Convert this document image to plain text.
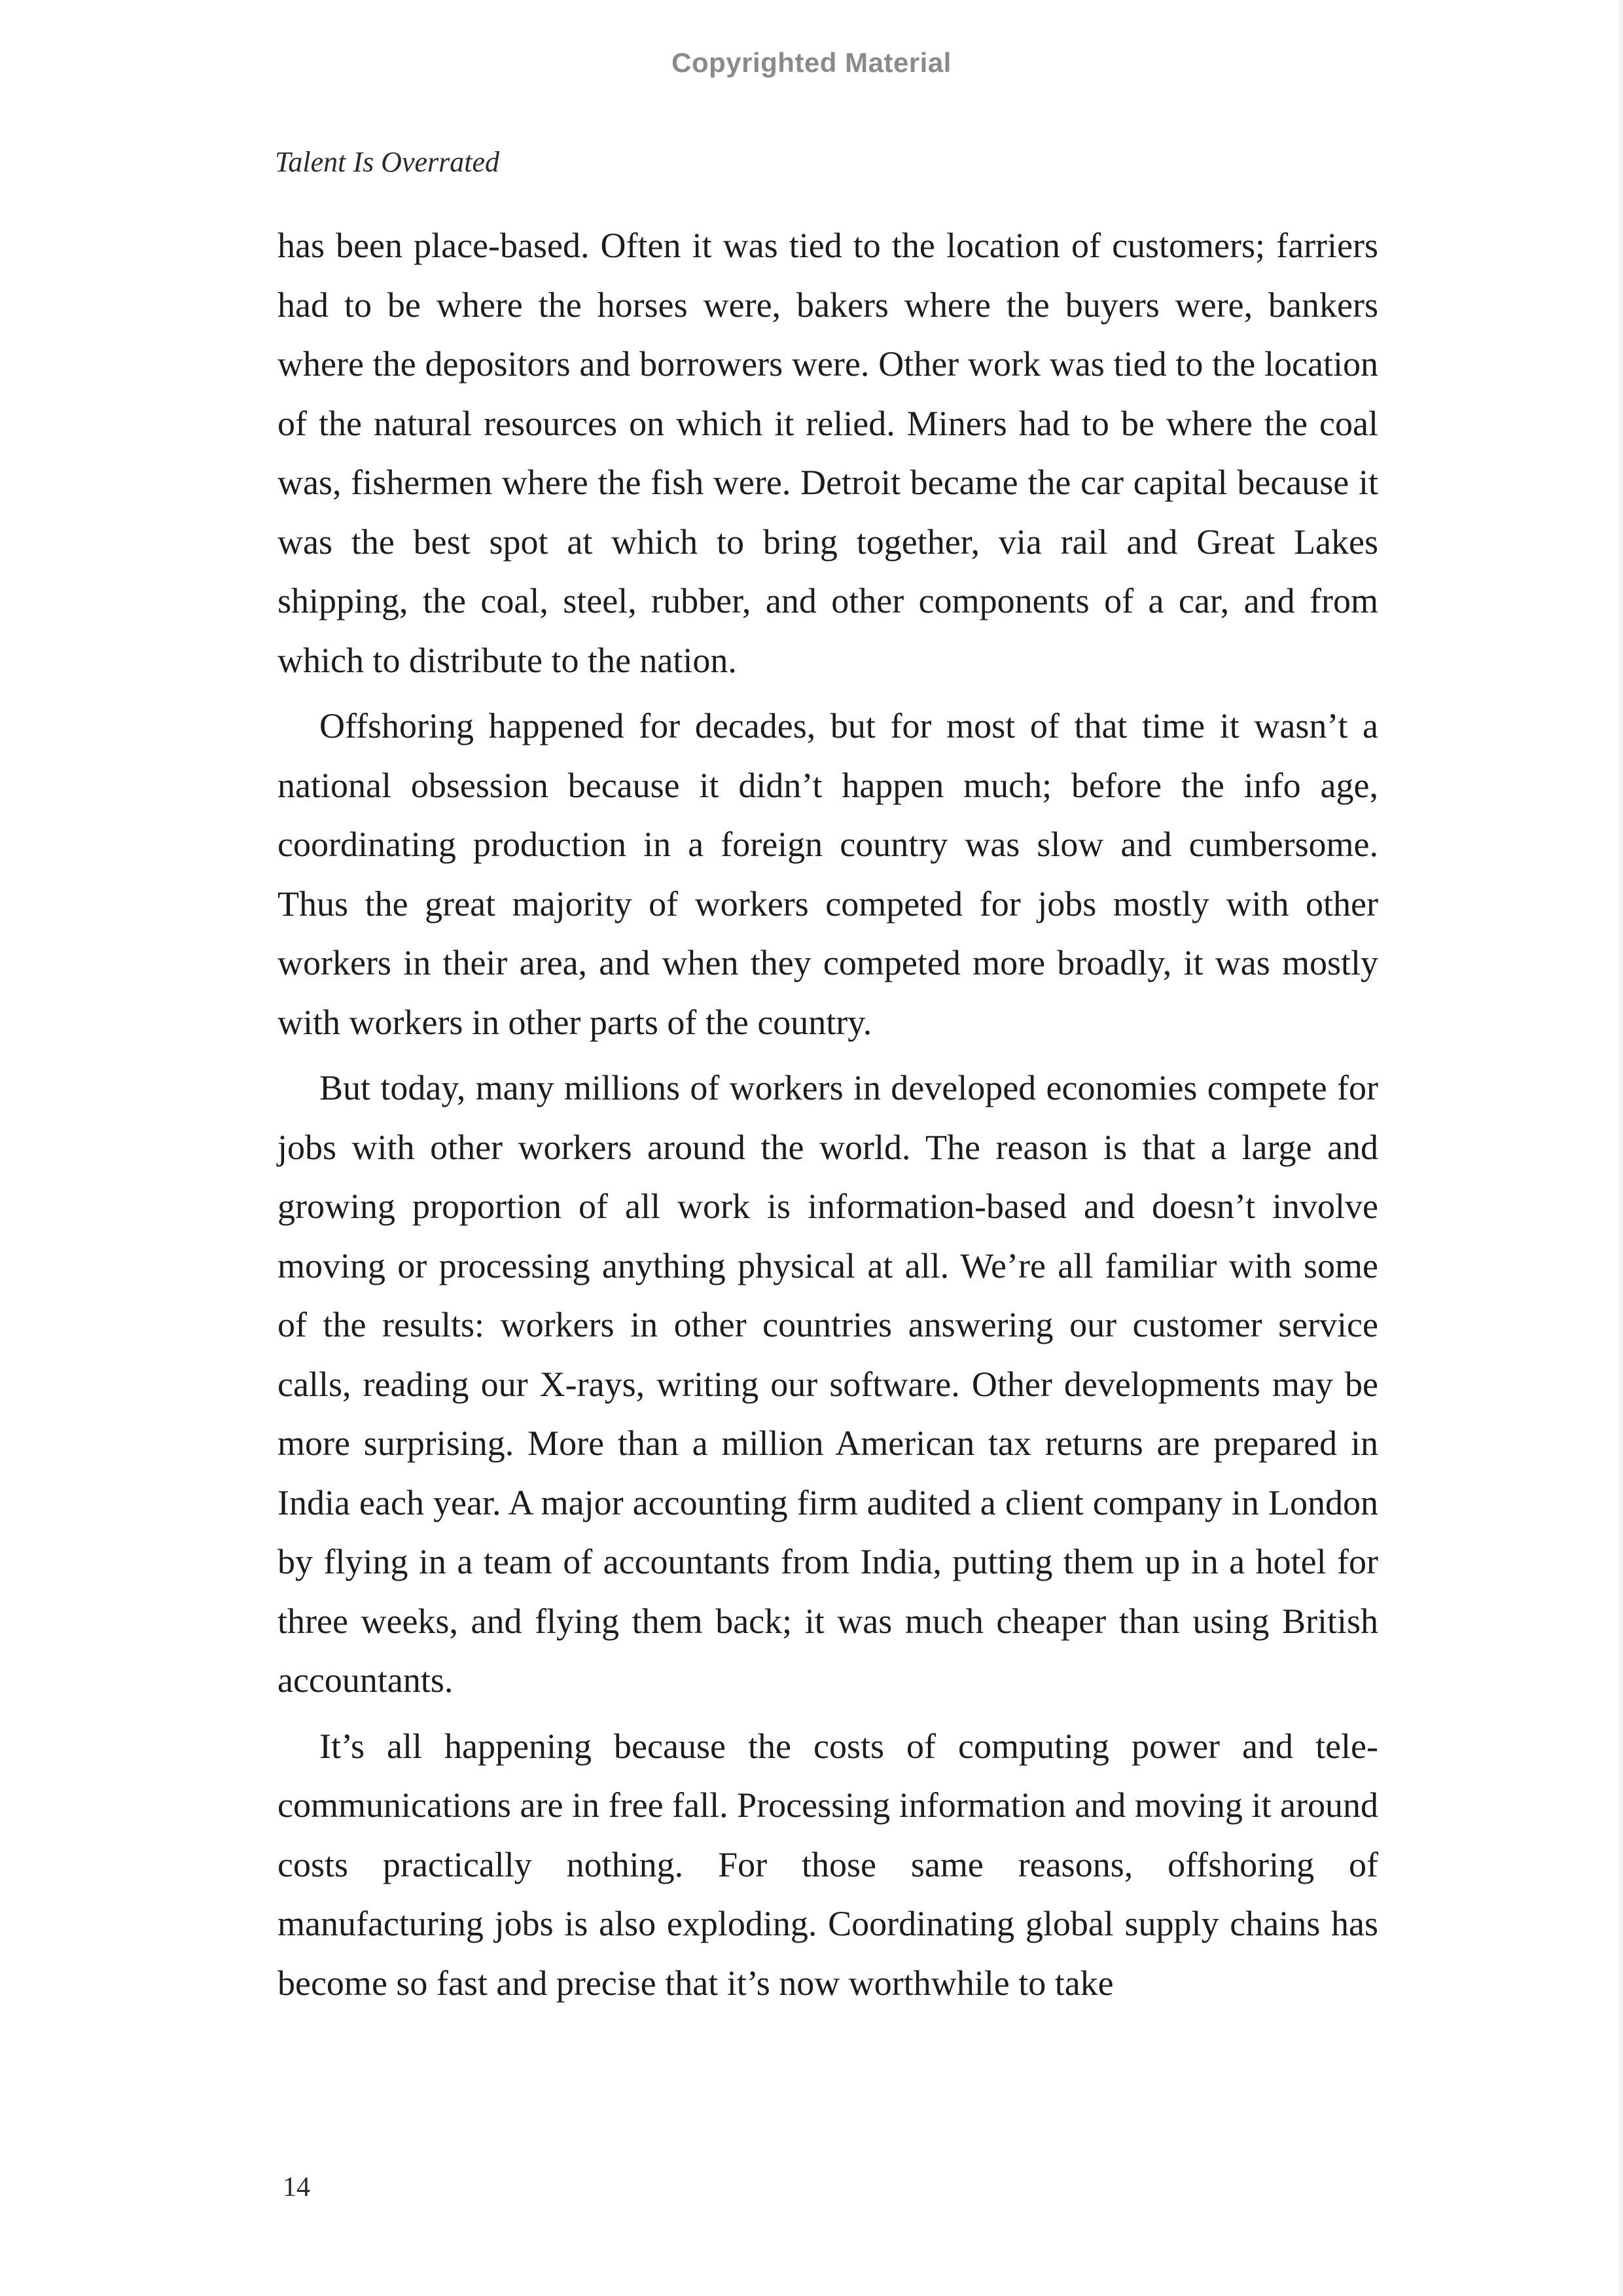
Copyrighted Material
Talent Is Overrated

has been place-based. Often it was tied to the location of customers; farriers had to be where the horses were, bakers where the buyers were, bankers where the depositors and borrowers were. Other work was tied to the location of the natural resources on which it relied. Miners had to be where the coal was, fishermen where the fish were. Detroit became the car capital because it was the best spot at which to bring together, via rail and Great Lakes shipping, the coal, steel, rubber, and other components of a car, and from which to distribute to the nation.

Offshoring happened for decades, but for most of that time it wasn’t a national obsession because it didn’t happen much; before the info age, coordinating production in a foreign country was slow and cumbersome. Thus the great majority of workers competed for jobs mostly with other workers in their area, and when they competed more broadly, it was mostly with workers in other parts of the country.

But today, many millions of workers in developed economies compete for jobs with other workers around the world. The reason is that a large and growing proportion of all work is information-based and doesn’t involve moving or processing anything physical at all. We’re all familiar with some of the results: workers in other countries answering our customer service calls, reading our X-rays, writing our software. Other developments may be more surprising. More than a million American tax returns are prepared in India each year. A major accounting firm audited a client company in London by flying in a team of accountants from India, putting them up in a hotel for three weeks, and flying them back; it was much cheaper than using British accountants.

It’s all happening because the costs of computing power and telecommunications are in free fall. Processing information and moving it around costs practically nothing. For those same reasons, offshoring of manufacturing jobs is also exploding. Coordinating global supply chains has become so fast and precise that it’s now worthwhile to take

14
